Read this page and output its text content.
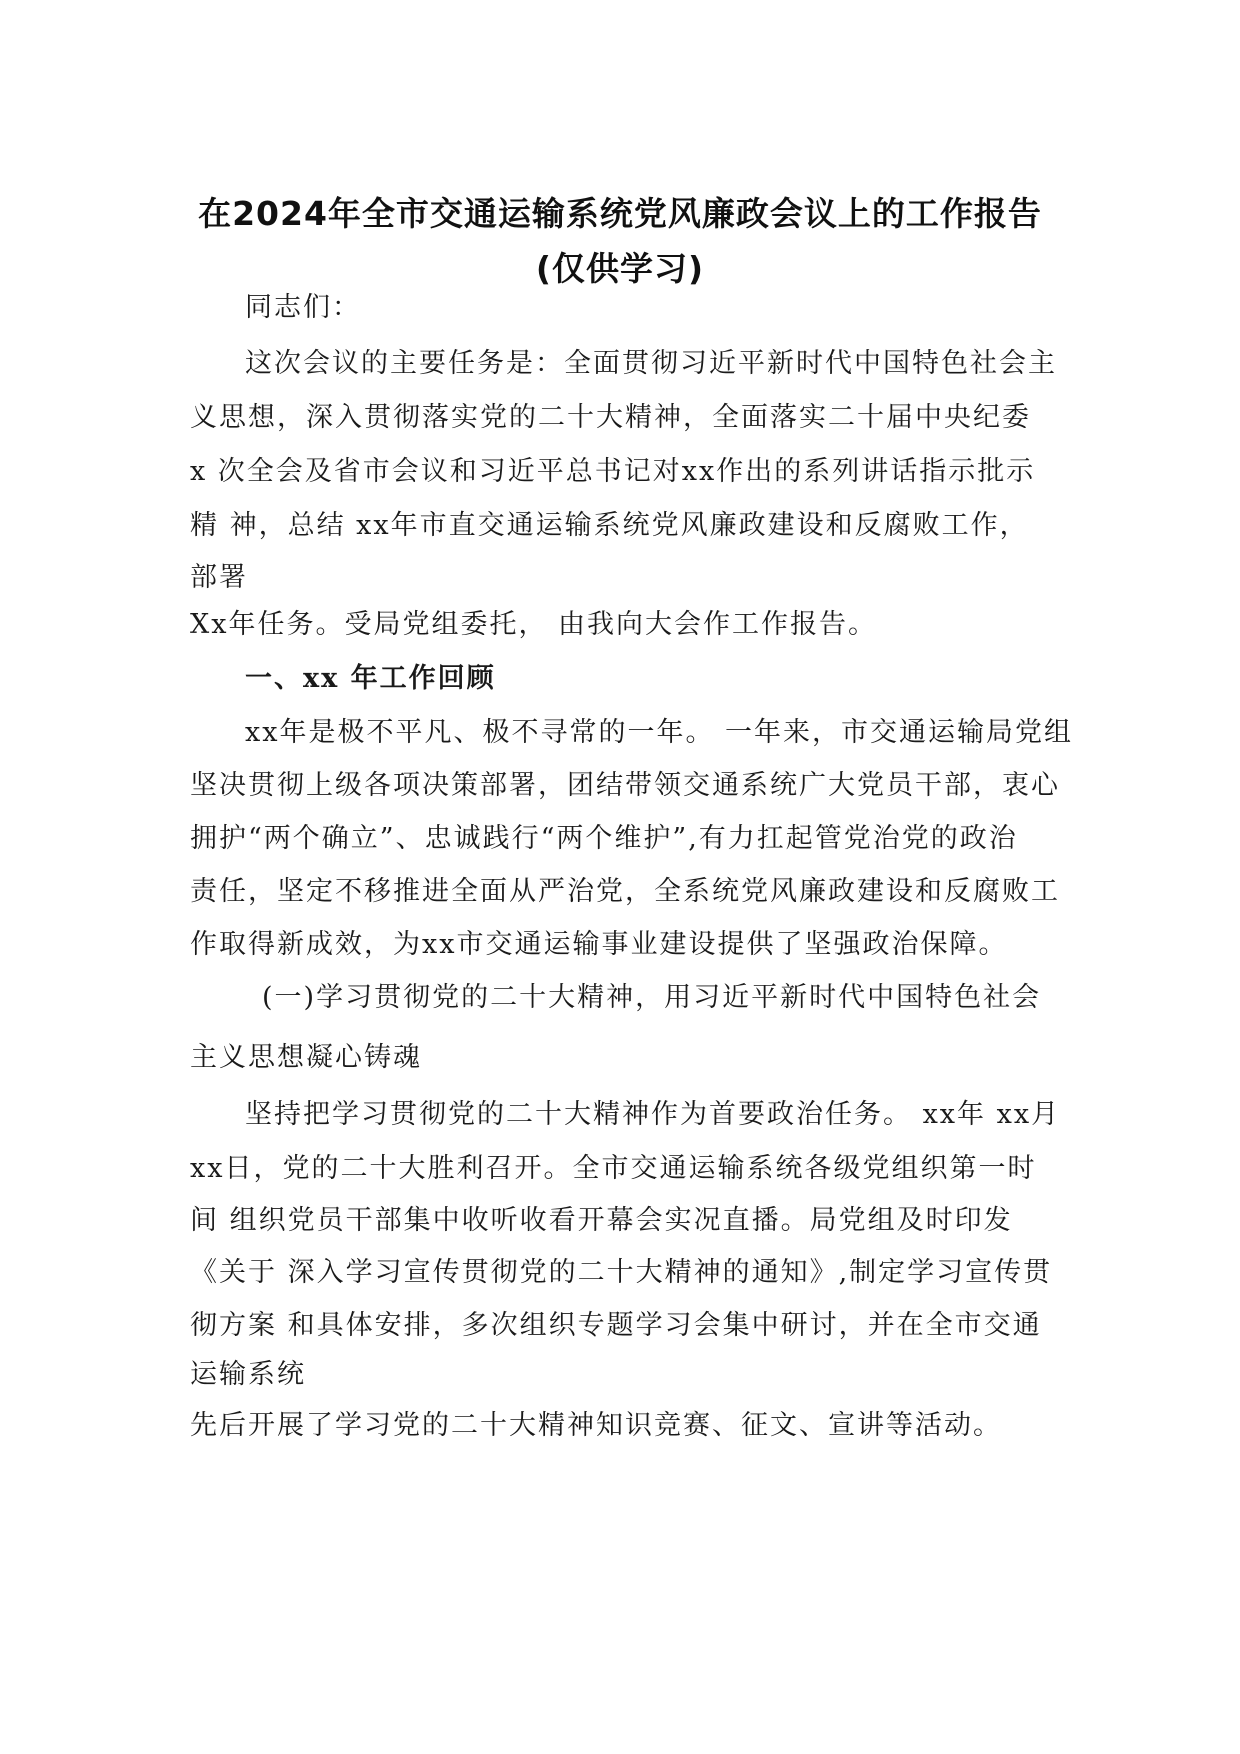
在2024年全市交通运输系统党风廉政会议上的工作报告
(仅供学习)

同志们：

这次会议的主要任务是：全面贯彻习近平新时代中国特色社会主

义思想，深入贯彻落实党的二十大精神，全面落实二十届中央纪委

x 次全会及省市会议和习近平总书记对xx作出的系列讲话指示批示

精 神，总结 xx年市直交通运输系统党风廉政建设和反腐败工作，

部署

Xx年任务。受局党组委托， 由我向大会作工作报告。

一、xx 年工作回顾

xx年是极不平凡、极不寻常的一年。 一年来，市交通运输局党组

坚决贯彻上级各项决策部署，团结带领交通系统广大党员干部，衷心

拥护“两个确立”、忠诚践行“两个维护”,有力扛起管党治党的政治

责任，坚定不移推进全面从严治党，全系统党风廉政建设和反腐败工

作取得新成效，为xx市交通运输事业建设提供了坚强政治保障。

(一)学习贯彻党的二十大精神，用习近平新时代中国特色社会

主义思想凝心铸魂

坚持把学习贯彻党的二十大精神作为首要政治任务。 xx年 xx月

xx日，党的二十大胜利召开。全市交通运输系统各级党组织第一时

间 组织党员干部集中收听收看开幕会实况直播。局党组及时印发

《关于 深入学习宣传贯彻党的二十大精神的通知》,制定学习宣传贯

彻方案 和具体安排，多次组织专题学习会集中研讨，并在全市交通

运输系统

先后开展了学习党的二十大精神知识竞赛、征文、宣讲等活动。
